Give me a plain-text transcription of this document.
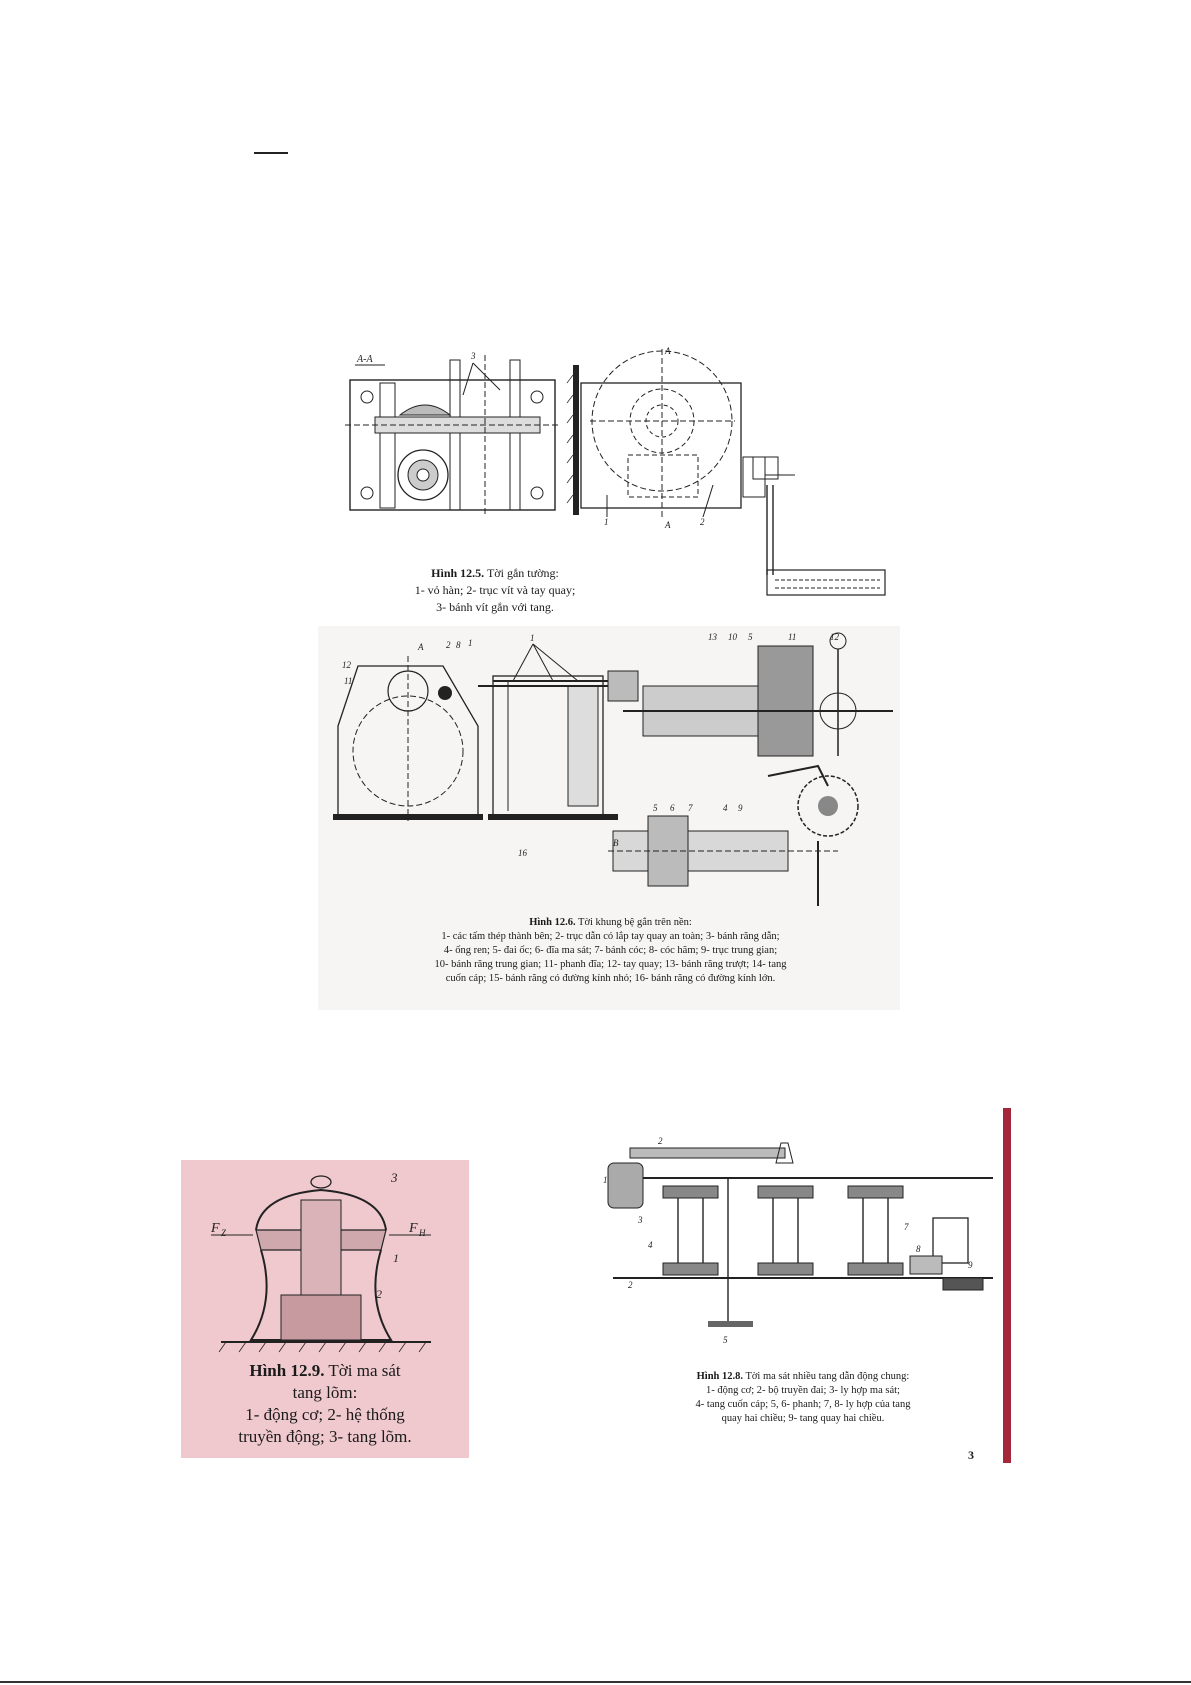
A-A	3	A
A
1	2
Hình 12.5. Tời gắn tường:
1- vỏ hàn; 2- trục vít và tay quay;
3- bánh vít gắn với tang.
12
11
A	2 8 1	1	13 10 5	11	12
B
5 6 7	4 9
16
Hình 12.6. Tời khung bệ gắn trên nền:
1- các tấm thép thành bên; 2- trục dẫn có lắp tay quay an toàn; 3- bánh răng dẫn;
4- ống ren; 5- đai ốc; 6- đĩa ma sát; 7- bánh cóc; 8- cóc hãm; 9- trục trung gian;
10- bánh răng trung gian; 11- phanh đĩa; 12- tay quay; 13- bánh răng trượt; 14- tang
cuốn cáp; 15- bánh răng có đường kính nhỏ; 16- bánh răng có đường kính lớn.
3
F Z	F H
1
2
Hình 12.9. Tời ma sát
tang lõm:
1- động cơ; 2- hệ thống
truyền động; 3- tang lõm.
2
1
3
4
2
5
7
8
9
Hình 12.8. Tời ma sát nhiều tang dẫn động chung:
1- động cơ; 2- bộ truyền đai; 3- ly hợp ma sát;
4- tang cuốn cáp; 5, 6- phanh; 7, 8- ly hợp của tang
quay hai chiều; 9- tang quay hai chiều.
3
